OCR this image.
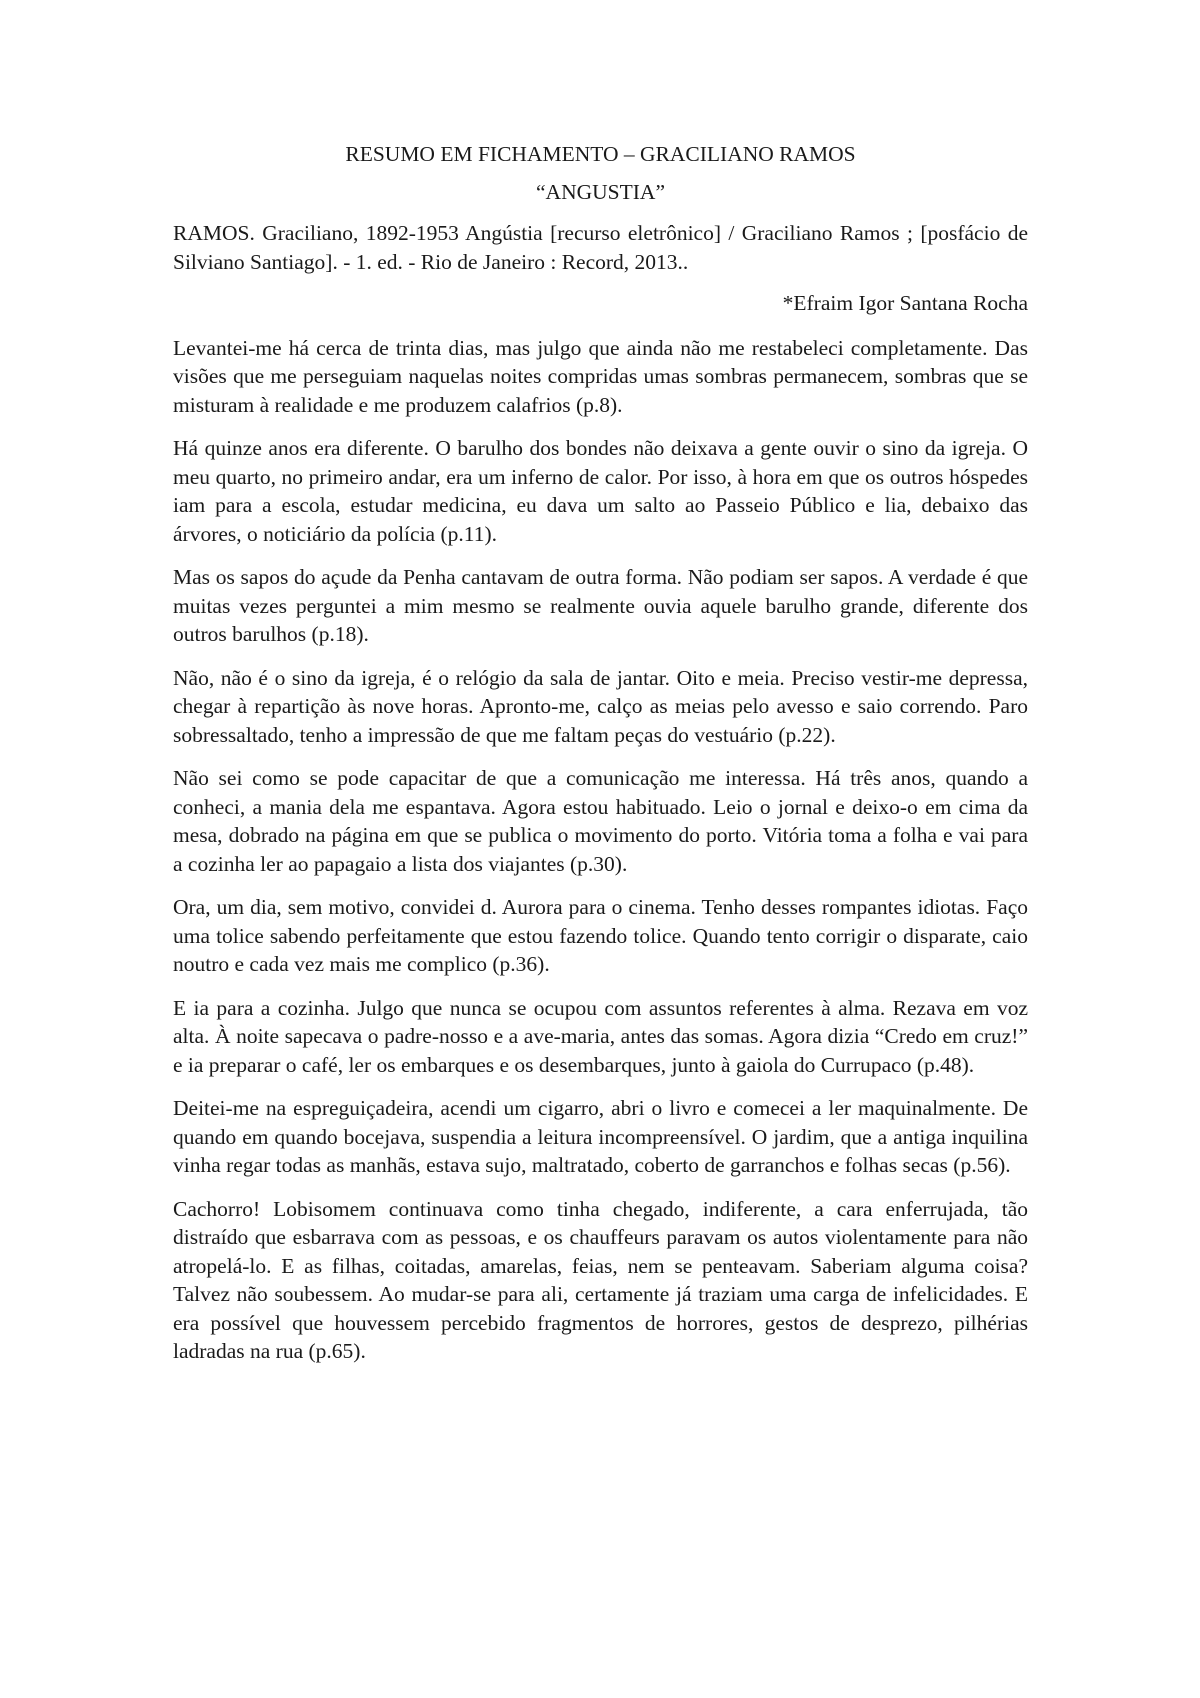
RESUMO EM FICHAMENTO – GRACILIANO RAMOS

“ANGUSTIA”

RAMOS. Graciliano, 1892-1953 Angústia [recurso eletrônico] / Graciliano Ramos ; [posfácio de Silviano Santiago]. - 1. ed. - Rio de Janeiro : Record, 2013..

*Efraim Igor Santana Rocha

Levantei-me há cerca de trinta dias, mas julgo que ainda não me restabeleci completamente. Das visões que me perseguiam naquelas noites compridas umas sombras permanecem, sombras que se misturam à realidade e me produzem calafrios (p.8).

Há quinze anos era diferente. O barulho dos bondes não deixava a gente ouvir o sino da igreja. O meu quarto, no primeiro andar, era um inferno de calor. Por isso, à hora em que os outros hóspedes iam para a escola, estudar medicina, eu dava um salto ao Passeio Público e lia, debaixo das árvores, o noticiário da polícia (p.11).

Mas os sapos do açude da Penha cantavam de outra forma. Não podiam ser sapos. A verdade é que muitas vezes perguntei a mim mesmo se realmente ouvia aquele barulho grande, diferente dos outros barulhos (p.18).

Não, não é o sino da igreja, é o relógio da sala de jantar. Oito e meia. Preciso vestir-me depressa, chegar à repartição às nove horas. Apronto-me, calço as meias pelo avesso e saio correndo. Paro sobressaltado, tenho a impressão de que me faltam peças do vestuário (p.22).

Não sei como se pode capacitar de que a comunicação me interessa. Há três anos, quando a conheci, a mania dela me espantava. Agora estou habituado. Leio o jornal e deixo-o em cima da mesa, dobrado na página em que se publica o movimento do porto. Vitória toma a folha e vai para a cozinha ler ao papagaio a lista dos viajantes (p.30).

Ora, um dia, sem motivo, convidei d. Aurora para o cinema. Tenho desses rompantes idiotas. Faço uma tolice sabendo perfeitamente que estou fazendo tolice. Quando tento corrigir o disparate, caio noutro e cada vez mais me complico (p.36).

E ia para a cozinha. Julgo que nunca se ocupou com assuntos referentes à alma. Rezava em voz alta. À noite sapecava o padre-nosso e a ave-maria, antes das somas. Agora dizia “Credo em cruz!” e ia preparar o café, ler os embarques e os desembarques, junto à gaiola do Currupaco (p.48).

Deitei-me na espreguiçadeira, acendi um cigarro, abri o livro e comecei a ler maquinalmente. De quando em quando bocejava, suspendia a leitura incompreensível. O jardim, que a antiga inquilina vinha regar todas as manhãs, estava sujo, maltratado, coberto de garranchos e folhas secas (p.56).

Cachorro! Lobisomem continuava como tinha chegado, indiferente, a cara enferrujada, tão distraído que esbarrava com as pessoas, e os chauffeurs paravam os autos violentamente para não atropelá-lo. E as filhas, coitadas, amarelas, feias, nem se penteavam. Saberiam alguma coisa? Talvez não soubessem. Ao mudar-se para ali, certamente já traziam uma carga de infelicidades. E era possível que houvessem percebido fragmentos de horrores, gestos de desprezo, pilhérias ladradas na rua (p.65).
